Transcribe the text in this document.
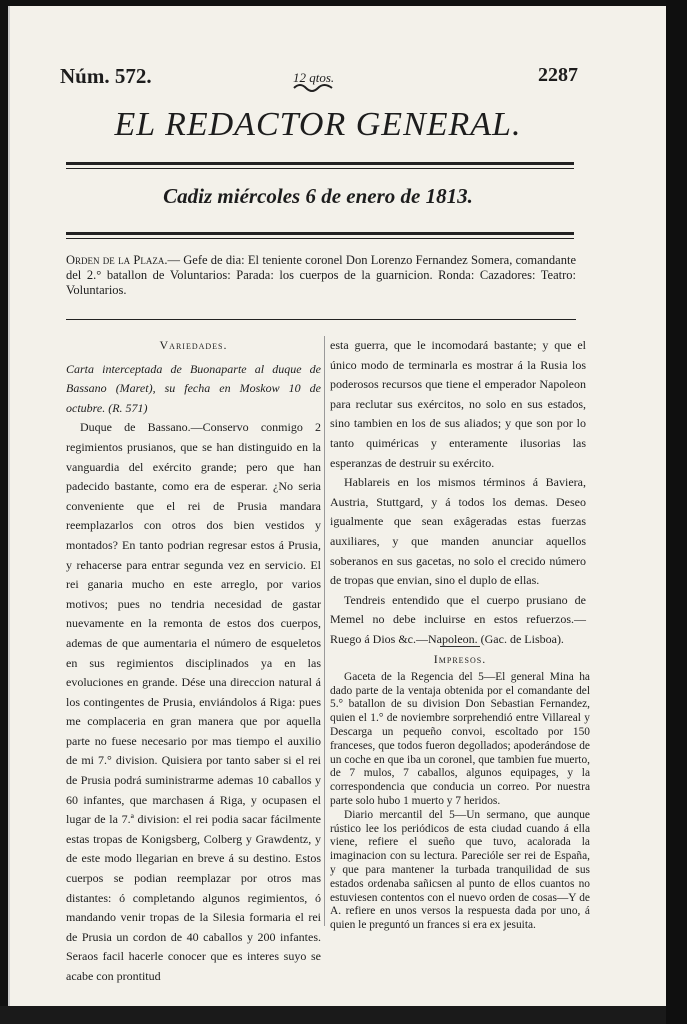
Núm. 572.	12 qtos.	2287
EL REDACTOR GENERAL.
Cadiz miércoles 6 de enero de 1813.
Orden de la Plaza.— Gefe de dia: El teniente coronel Don Lorenzo Fernandez Somera, comandante del 2.° batallon de Voluntarios: Parada: los cuerpos de la guarnicion. Ronda: Cazadores: Teatro: Voluntarios.
Variedades.

Carta interceptada de Buonaparte al duque de Bassano (Maret), su fecha en Moskow 10 de octubre. (R. 571)

Duque de Bassano.—Conservo conmigo 2 regimientos prusianos, que se han distinguido en la vanguardia del exército grande; pero que han padecido bastante, como era de esperar. ¿No seria conveniente que el rei de Prusia mandara reemplazarlos con otros dos bien vestidos y montados? En tanto podrian regresar estos á Prusia, y rehacerse para entrar segunda vez en servicio. El rei ganaria mucho en este arreglo, por varios motivos; pues no tendria necesidad de gastar nuevamente en la remonta de estos dos cuerpos, ademas de que aumentaria el número de esqueletos en sus regimientos disciplinados ya en las evoluciones en grande. Dése una direccion natural á los contingentes de Prusia, enviándolos á Riga: pues me complaceria en gran manera que por aquella parte no fuese necesario por mas tiempo el auxilio de mi 7.° division. Quisiera por tanto saber si el rei de Prusia podrá suministrarme ademas 10 caballos y 60 infantes, que marchasen á Riga, y ocupasen el lugar de la 7.ª division: el rei podia sacar fácilmente estas tropas de Konigsberg, Colberg y Grawdentz, y de este modo llegarian en breve á su destino. Estos cuerpos se podian reemplazar por otros mas distantes: ó completando algunos regimientos, ó mandando venir tropas de la Silesia formaria el rei de Prusia un cordon de 40 caballos y 200 infantes. Seraos facil hacerle conocer que es interes suyo se acabe con prontitud

esta guerra, que le incomodará bastante; y que el único modo de terminarla es mostrar á la Rusia los poderosos recursos que tiene el emperador Napoleon para reclutar sus exércitos, no solo en sus estados, sino tambien en los de sus aliados; y que son por lo tanto quiméricas y enteramente ilusorias las esperanzas de destruir su exército.

Hablareis en los mismos términos á Baviera, Austria, Stuttgard, y á todos los demas. Deseo igualmente que sean exâgeradas estas fuerzas auxiliares, y que manden anunciar aquellos soberanos en sus gacetas, no solo el crecido número de tropas que envian, sino el duplo de ellas.

Tendreis entendido que el cuerpo prusiano de Memel no debe incluirse en estos refuerzos.— Ruego á Dios &c.—Napoleon. (Gac. de Lisboa).

Impresos.

Gaceta de la Regencia del 5—El general Mina ha dado parte de la ventaja obtenida por el comandante del 5.° batallon de su division Don Sebastian Fernandez, quien el 1.° de noviembre sorprehendió entre Villareal y Descarga un pequeño convoi, escoltado por 150 franceses, que todos fueron degollados; apoderándose de un coche en que iba un coronel, que tambien fue muerto, de 7 mulos, 7 caballos, algunos equipages, y la correspondencia que conducia un correo. Por nuestra parte solo hubo 1 muerto y 7 heridos.

Diario mercantil del 5—Un sermano, que aunque rústico lee los periódicos de esta ciudad cuando á ella viene, refiere el sueño que tuvo, acalorada la imaginacion con su lectura. Parecióle ser rei de España, y que para mantener la turbada tranquilidad de sus estados ordenaba sañicsen al punto de ellos cuantos no estuviesen contentos con el nuevo orden de cosas—Y de A. refiere en unos versos la respuesta dada por uno, á quien le preguntó un frances si era ex jesuita.
